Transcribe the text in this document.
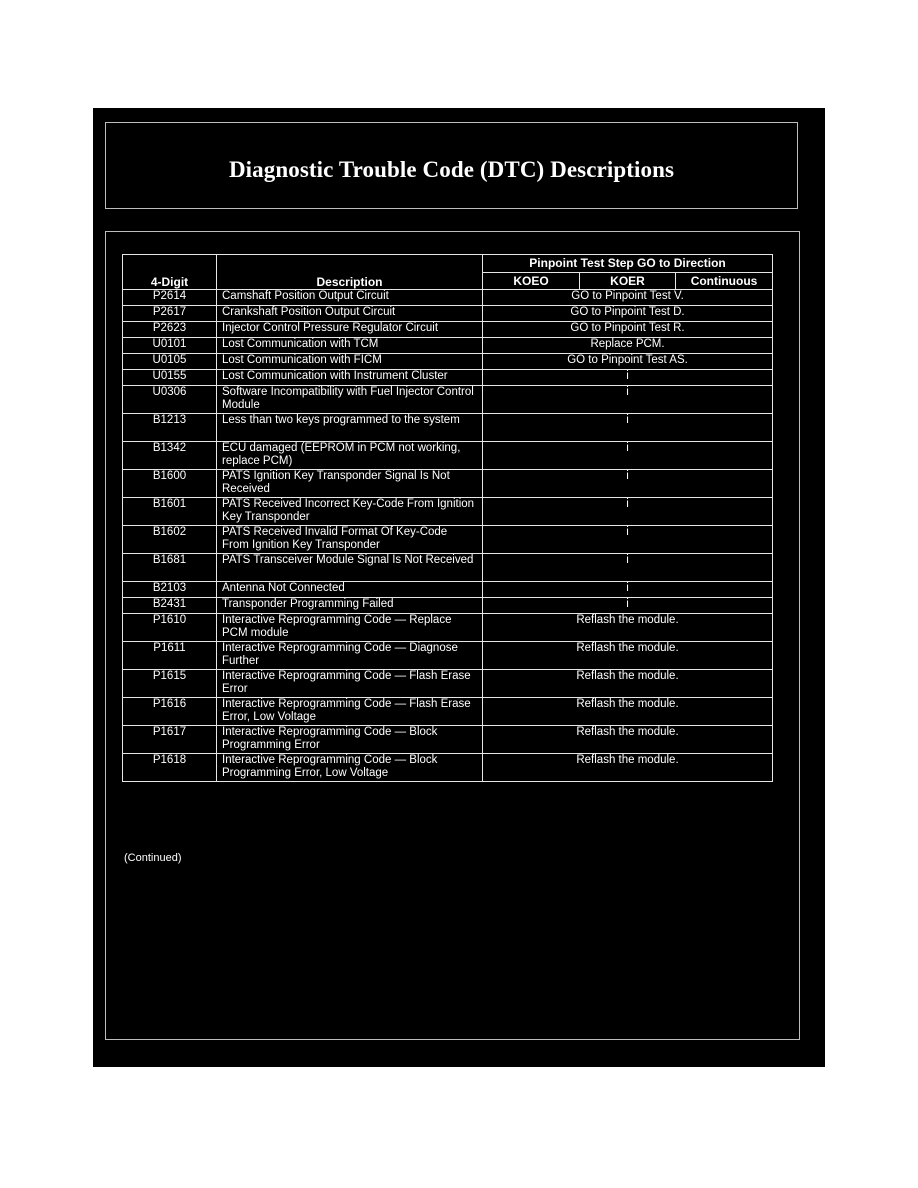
Diagnostic Trouble Code (DTC) Descriptions
4-Digit	Description	Pinpoint Test Step GO to Direction		
		KOEO	KOER	Continuous
P2614	Camshaft Position Output Circuit	GO to Pinpoint Test V.		
P2617	Crankshaft Position Output Circuit	GO to Pinpoint Test D.		
P2623	Injector Control Pressure Regulator Circuit	GO to Pinpoint Test R.		
U0101	Lost Communication with TCM	Replace PCM.		
U0105	Lost Communication with FICM	GO to Pinpoint Test AS.		
U0155	Lost Communication with Instrument Cluster	i		
U0306	Software Incompatibility with Fuel Injector Control Module	i		
B1213	Less than two keys programmed to the system	i		
B1342	ECU damaged (EEPROM in PCM not working, replace PCM)	i		
B1600	PATS Ignition Key Transponder Signal Is Not Received	i		
B1601	PATS Received Incorrect Key-Code From Ignition Key Transponder	i		
B1602	PATS Received Invalid Format Of Key-Code From Ignition Key Transponder	i		
B1681	PATS Transceiver Module Signal Is Not Received	i		
B2103	Antenna Not Connected	i		
B2431	Transponder Programming Failed	i		
P1610	Interactive Reprogramming Code — Replace PCM module	Reflash the module.		
P1611	Interactive Reprogramming Code — Diagnose Further	Reflash the module.		
P1615	Interactive Reprogramming Code — Flash Erase Error	Reflash the module.		
P1616	Interactive Reprogramming Code — Flash Erase Error, Low Voltage	Reflash the module.		
P1617	Interactive Reprogramming Code — Block Programming Error	Reflash the module.		
P1618	Interactive Reprogramming Code — Block Programming Error, Low Voltage	Reflash the module.		
(Continued)
